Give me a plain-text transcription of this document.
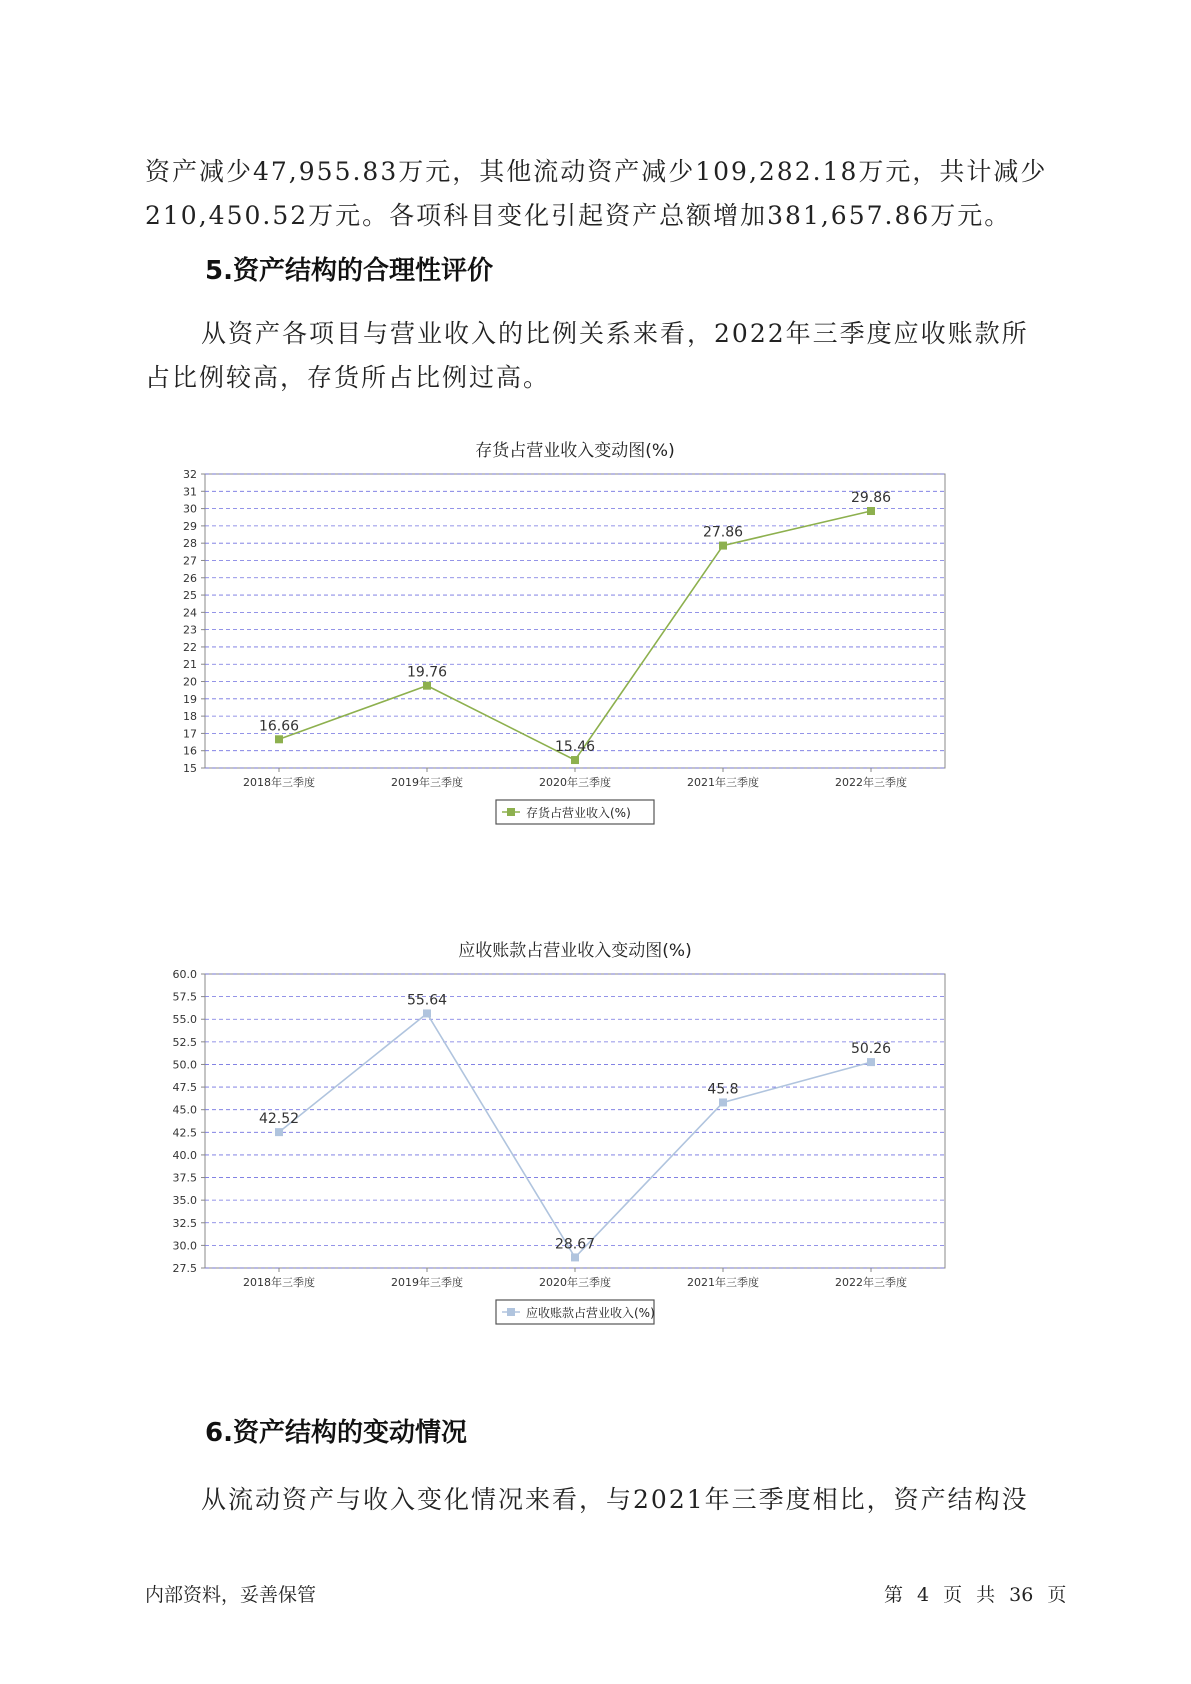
资产减少47,955.83万元，其他流动资产减少109,282.18万元，共计减少
210,450.52万元。各项科目变化引起资产总额增加381,657.86万元。

5.资产结构的合理性评价

从资产各项目与营业收入的比例关系来看，2022年三季度应收账款所
占比例较高，存货所占比例过高。

存货占营业收入变动图(%)
15
16
17
18
19
20
21
22
23
24
25
26
27
28
29
30
31
32
2018年三季度	2019年三季度	2020年三季度	2021年三季度	2022年三季度
16.66
19.76
15.46
27.86
29.86
存货占营业收入(%)
应收账款占营业收入变动图(%)
27.5
30.0
32.5
35.0
37.5
40.0
42.5
45.0
47.5
50.0
52.5
55.0
57.5
60.0
2018年三季度	2019年三季度	2020年三季度	2021年三季度	2022年三季度
42.52
55.64
28.67
45.8
50.26
应收账款占营业收入(%)
6.资产结构的变动情况

从流动资产与收入变化情况来看，与2021年三季度相比，资产结构没

内部资料，妥善保管	第 4 页 共 36 页
